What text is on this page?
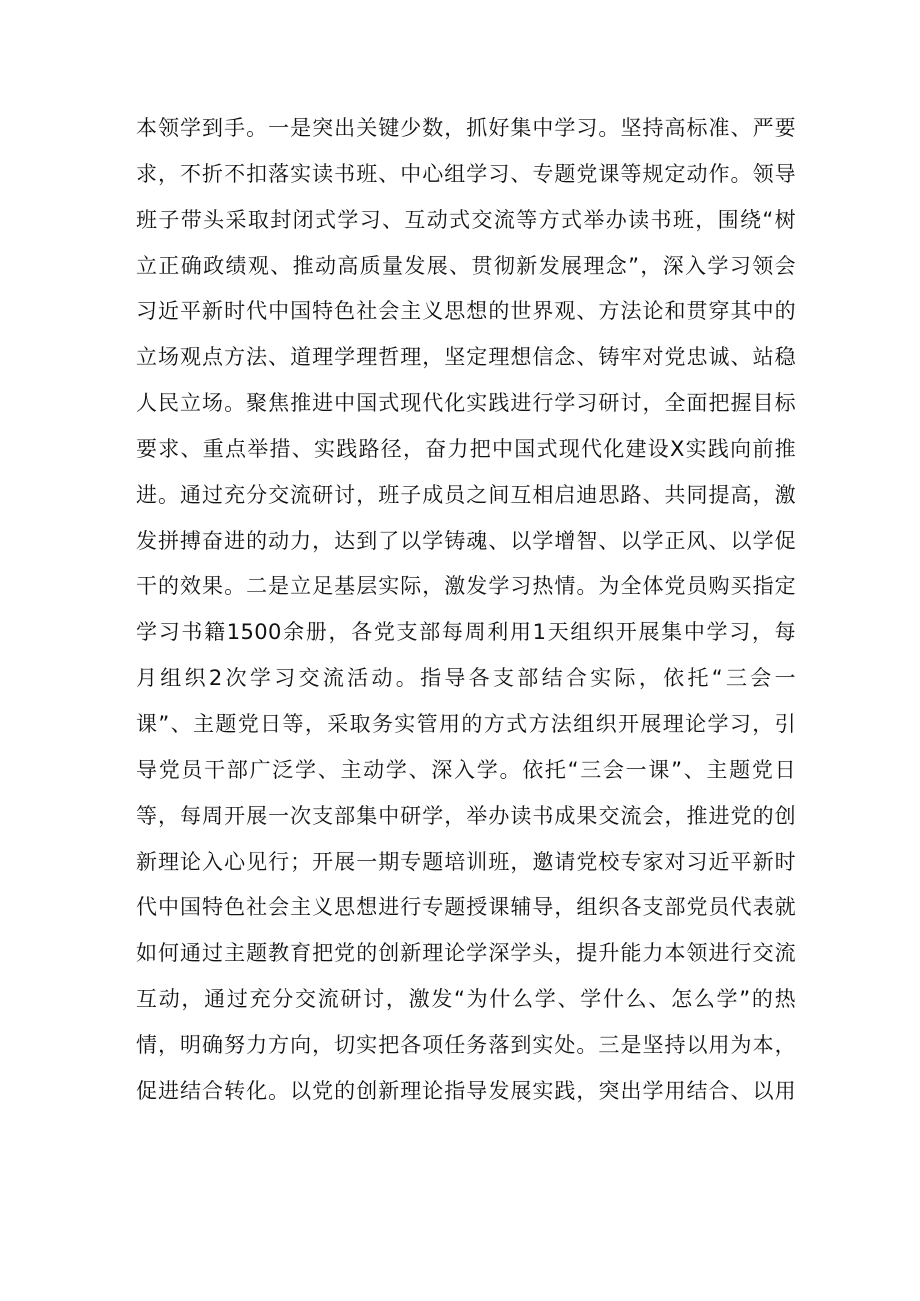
本领学到手。一是突出关键少数，抓好集中学习。坚持高标准、严要
求，不折不扣落实读书班、中心组学习、专题党课等规定动作。领导
班子带头采取封闭式学习、互动式交流等方式举办读书班，围绕“树
立正确政绩观、推动高质量发展、贯彻新发展理念”，深入学习领会
习近平新时代中国特色社会主义思想的世界观、方法论和贯穿其中的
立场观点方法、道理学理哲理，坚定理想信念、铸牢对党忠诚、站稳
人民立场。聚焦推进中国式现代化实践进行学习研讨，全面把握目标
要求、重点举措、实践路径，奋力把中国式现代化建设X实践向前推
进。通过充分交流研讨，班子成员之间互相启迪思路、共同提高，激
发拼搏奋进的动力，达到了以学铸魂、以学增智、以学正风、以学促
干的效果。二是立足基层实际，激发学习热情。为全体党员购买指定
学习书籍1500余册，各党支部每周利用1天组织开展集中学习，每
月组织2次学习交流活动。指导各支部结合实际，依托“三会一
课”、主题党日等，采取务实管用的方式方法组织开展理论学习，引
导党员干部广泛学、主动学、深入学。依托“三会一课”、主题党日
等，每周开展一次支部集中研学，举办读书成果交流会，推进党的创
新理论入心见行；开展一期专题培训班，邀请党校专家对习近平新时
代中国特色社会主义思想进行专题授课辅导，组织各支部党员代表就
如何通过主题教育把党的创新理论学深学头，提升能力本领进行交流
互动，通过充分交流研讨，激发“为什么学、学什么、怎么学”的热
情，明确努力方向，切实把各项任务落到实处。三是坚持以用为本，
促进结合转化。以党的创新理论指导发展实践，突出学用结合、以用
